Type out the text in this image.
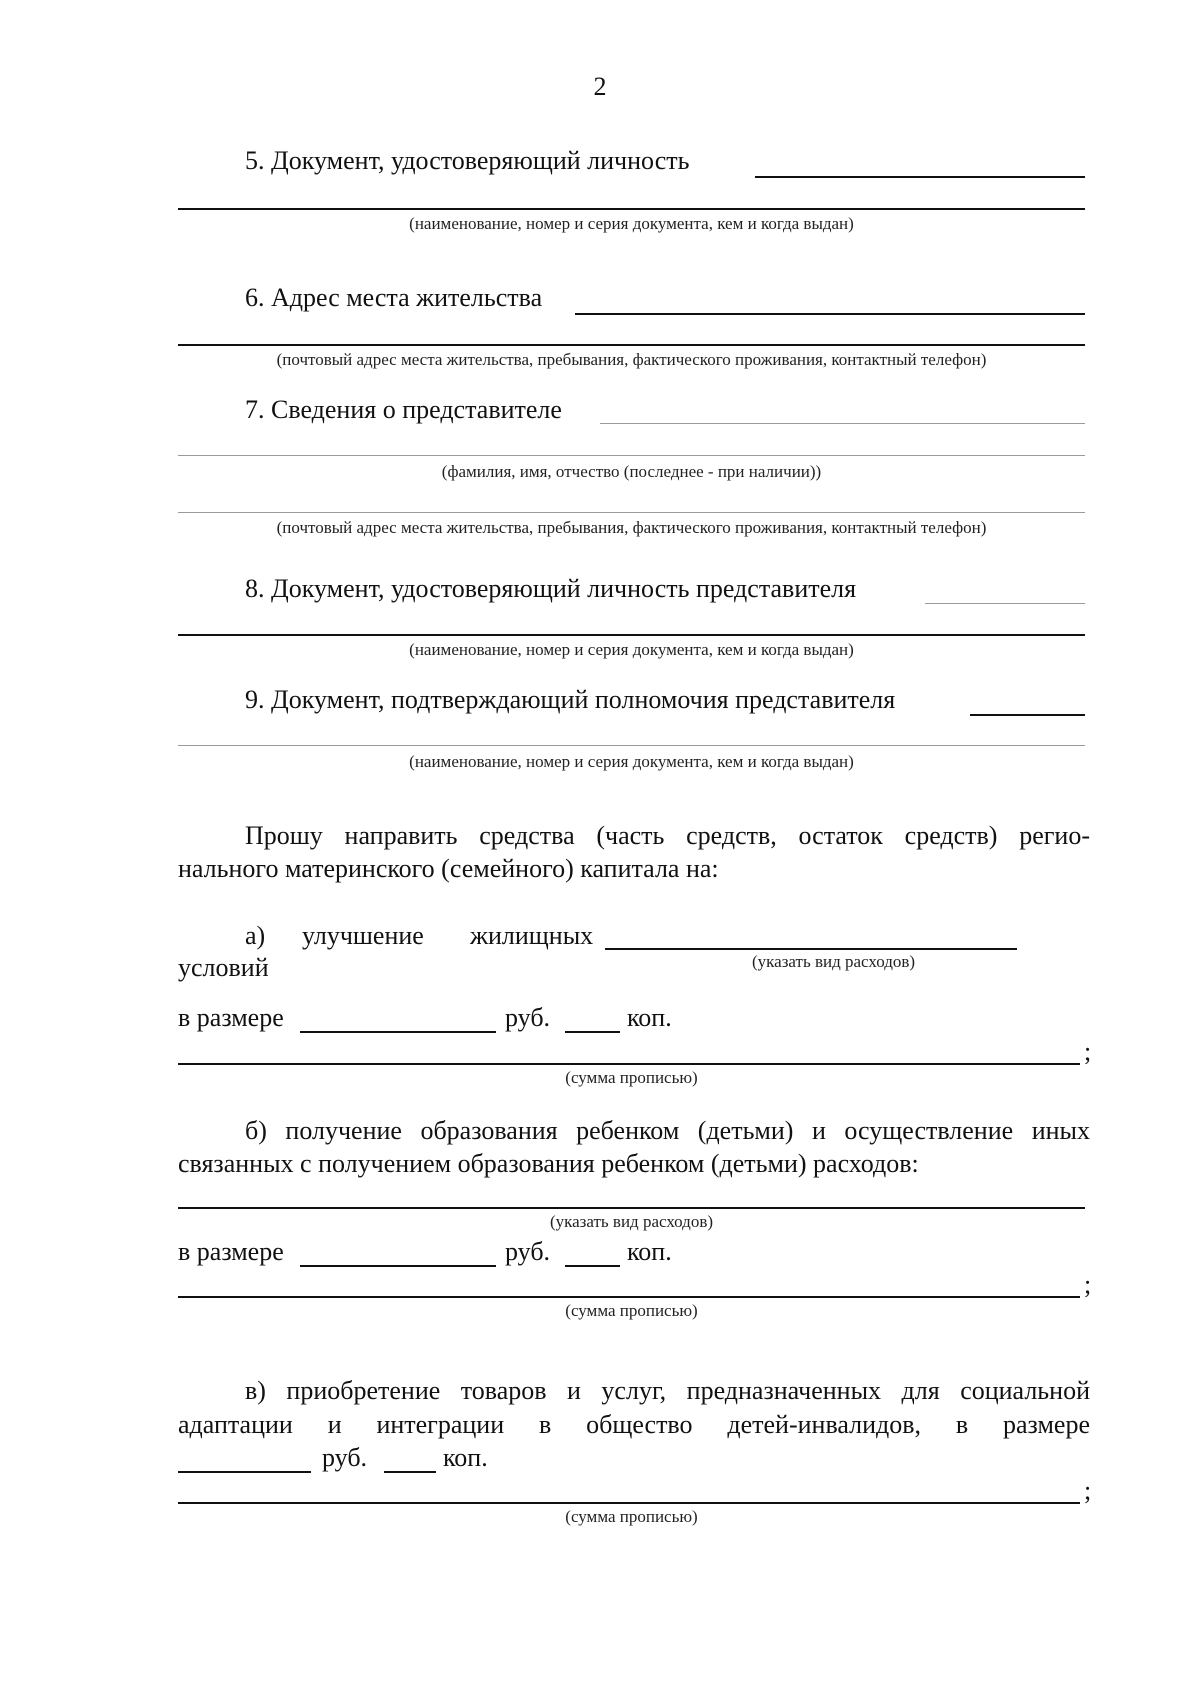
2
5. Документ, удостоверяющий личность
(наименование, номер и серия документа, кем и когда выдан)
6. Адрес места жительства
(почтовый адрес места жительства, пребывания, фактического проживания, контактный телефон)
7. Сведения о представителе
(фамилия, имя, отчество (последнее - при наличии))
(почтовый адрес места жительства, пребывания, фактического проживания, контактный телефон)
8. Документ, удостоверяющий личность представителя
(наименование, номер и серия документа, кем и когда выдан)
9. Документ, подтверждающий полномочия представителя
(наименование, номер и серия документа, кем и когда выдан)
Прошу направить средства (часть средств, остаток средств) регио-
нального материнского (семейного) капитала на:
а) улучшение жилищных
(указать вид расходов)
условий
в размере	руб.	коп.
;
(сумма прописью)
б) получение образования ребенком (детьми) и осуществление иных
связанных с получением образования ребенком (детьми) расходов:
(указать вид расходов)
в размере	руб.	коп.
;
(сумма прописью)
в) приобретение товаров и услуг, предназначенных для социальной
адаптации и интеграции в общество детей-инвалидов, в размере
руб.	коп.
;
(сумма прописью)
